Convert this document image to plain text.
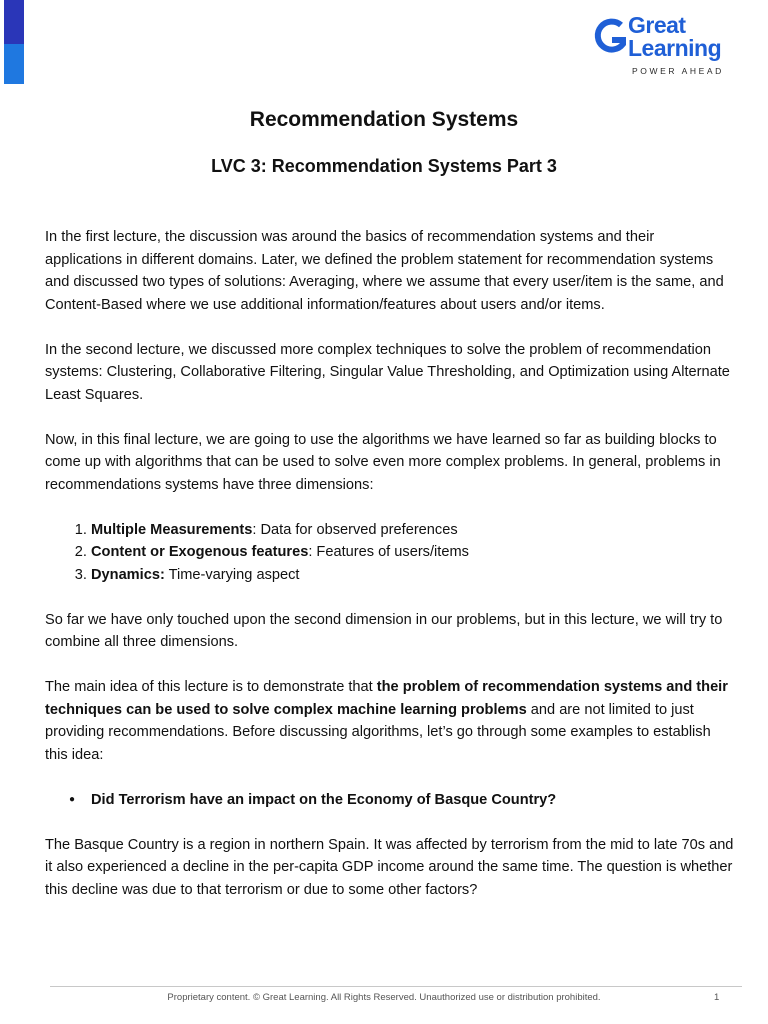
Great
Learning
POWER AHEAD
Recommendation Systems
LVC 3: Recommendation Systems Part 3

In the first lecture, the discussion was around the basics of recommendation systems and their applications in different domains. Later, we defined the problem statement for recommendation systems and discussed two types of solutions: Averaging, where we assume that every user/item is the same, and Content-Based where we use additional information/features about users and/or items.

In the second lecture, we discussed more complex techniques to solve the problem of recommendation systems: Clustering, Collaborative Filtering, Singular Value Thresholding, and Optimization using Alternate Least Squares.

Now, in this final lecture, we are going to use the algorithms we have learned so far as building blocks to come up with algorithms that can be used to solve even more complex problems. In general, problems in recommendations systems have three dimensions:

1. Multiple Measurements: Data for observed preferences
2. Content or Exogenous features: Features of users/items
3. Dynamics: Time-varying aspect

So far we have only touched upon the second dimension in our problems, but in this lecture, we will try to combine all three dimensions.

The main idea of this lecture is to demonstrate that the problem of recommendation systems and their techniques can be used to solve complex machine learning problems and are not limited to just providing recommendations. Before discussing algorithms, let’s go through some examples to establish this idea:

● Did Terrorism have an impact on the Economy of Basque Country?

The Basque Country is a region in northern Spain. It was affected by terrorism from the mid to late 70s and it also experienced a decline in the per-capita GDP income around the same time. The question is whether this decline was due to that terrorism or due to some other factors?

Proprietary content. © Great Learning. All Rights Reserved. Unauthorized use or distribution prohibited.	1
